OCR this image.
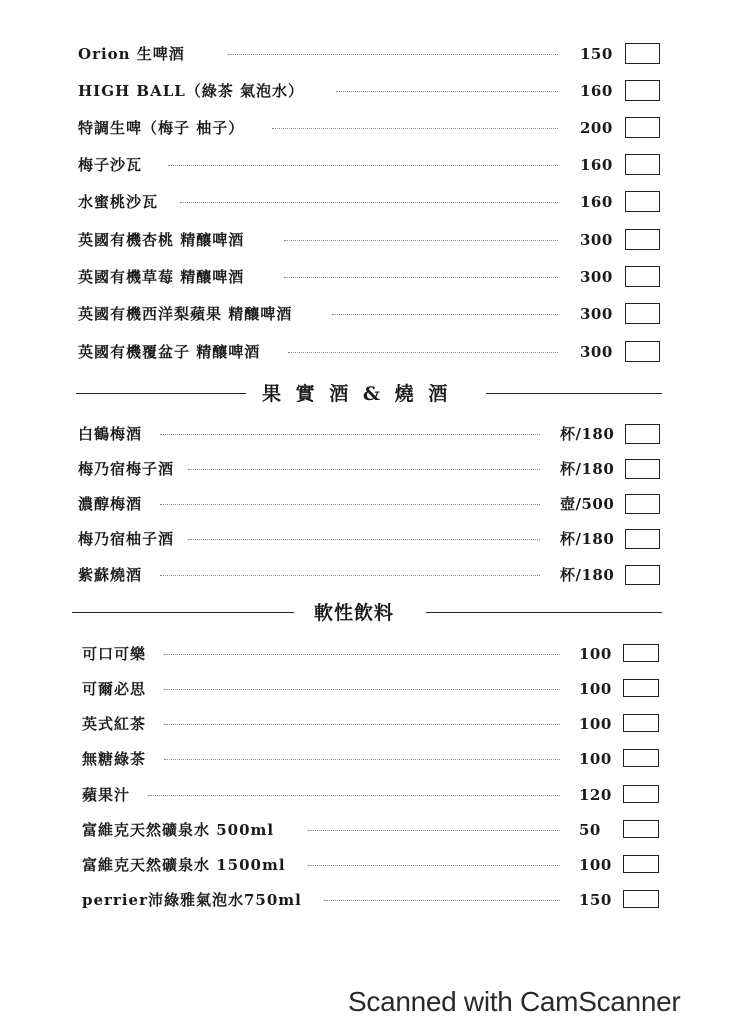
Orion 生啤酒	150
HIGH BALL（綠茶 氣泡水）	160
特調生啤（梅子 柚子）	200
梅子沙瓦	160
水蜜桃沙瓦	160
英國有機杏桃 精釀啤酒	300
英國有機草莓 精釀啤酒	300
英國有機西洋梨蘋果 精釀啤酒	300
英國有機覆盆子 精釀啤酒	300
果 實 酒 & 燒 酒
白鶴梅酒	杯/180
梅乃宿梅子酒	杯/180
濃醇梅酒	壺/500
梅乃宿柚子酒	杯/180
紫蘇燒酒	杯/180
軟性飲料
可口可樂	100
可爾必思	100
英式紅茶	100
無糖綠茶	100
蘋果汁	120
富維克天然礦泉水 500ml	50
富維克天然礦泉水 1500ml	100
perrier沛綠雅氣泡水750ml	150
Scanned with CamScanner
